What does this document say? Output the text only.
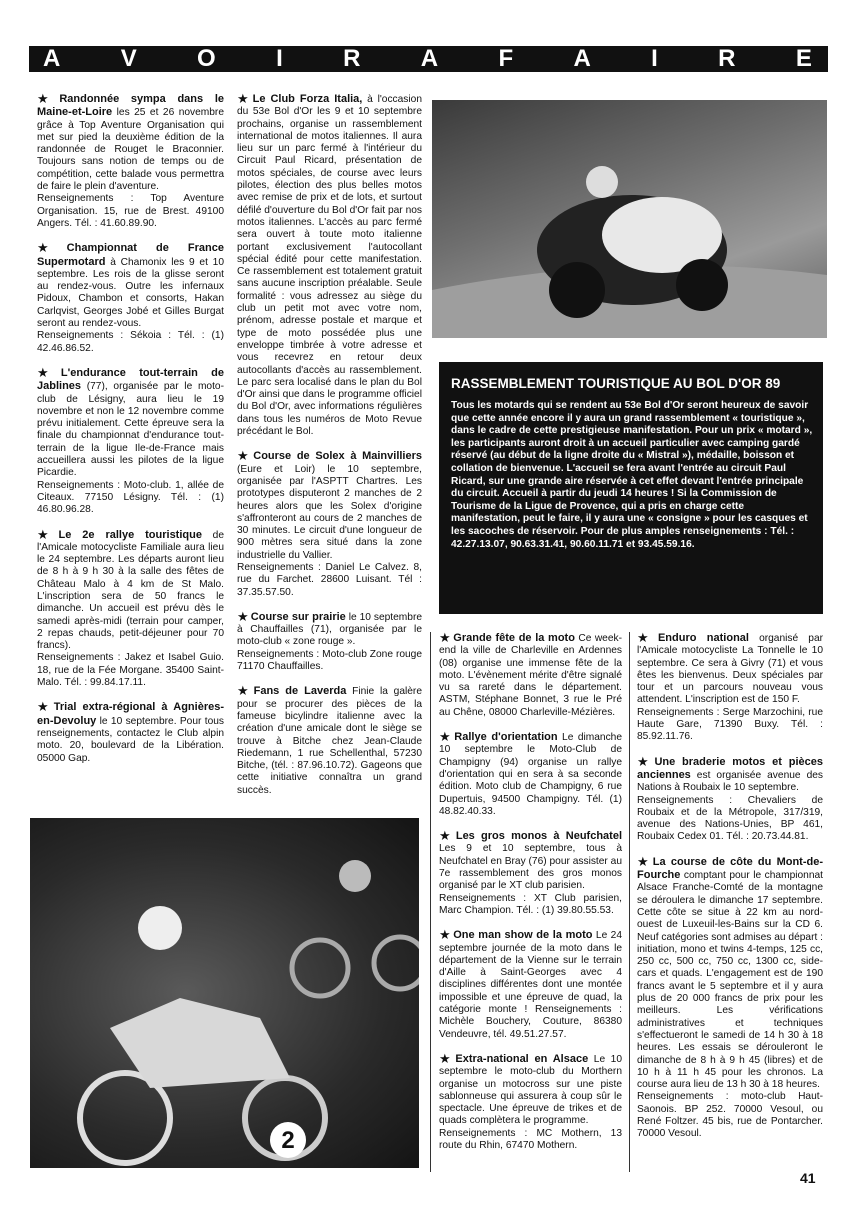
A V O I R A F A I R E
★ Randonnée sympa dans le Maine-et-Loire les 25 et 26 novembre grâce à Top Aventure Organisation qui met sur pied la deuxième édition de la randonnée de Rouget le Braconnier. Toujours sans notion de temps ou de compétition, cette balade vous permettra de faire le plein d'aventure.
Renseignements : Top Aventure Organisation. 15, rue de Brest. 49100 Angers. Tél. : 41.60.89.90.
★ Championnat de France Supermotard à Chamonix les 9 et 10 septembre. Les rois de la glisse seront au rendez-vous. Outre les infernaux Pidoux, Chambon et consorts, Hakan Carlqvist, Georges Jobé et Gilles Burgat seront au rendez-vous.
Renseignements : Sékoia : Tél. : (1) 42.46.86.52.
★ L'endurance tout-terrain de Jablines (77), organisée par le moto-club de Lésigny, aura lieu le 19 novembre et non le 12 novembre comme prévu initialement. Cette épreuve sera la finale du championnat d'endurance tout-terrain de la ligue Ile-de-France mais accueillera aussi les pilotes de la ligue Picardie.
Renseignements : Moto-club. 1, allée de Citeaux. 77150 Lésigny. Tél. : (1) 46.80.96.28.
★ Le 2e rallye touristique de l'Amicale motocycliste Familiale aura lieu le 24 septembre. Les départs auront lieu de 8 h à 9 h 30 à la salle des fêtes de Château Malo à 4 km de St Malo. L'inscription sera de 50 francs le dimanche. Un accueil est prévu dès le samedi après-midi (terrain pour camper, 2 repas chauds, petit-déjeuner pour 70 francs).
Renseignements : Jakez et Isabel Guio. 18, rue de la Fée Morgane. 35400 Saint-Malo. Tél. : 99.84.17.11.
★ Trial extra-régional à Agnières-en-Devoluy le 10 septembre. Pour tous renseignements, contactez le Club alpin moto. 20, boulevard de la Libération. 05000 Gap.
★ Le Club Forza Italia, à l'occasion du 53e Bol d'Or les 9 et 10 septembre prochains, organise un rassemblement international de motos italiennes. Il aura lieu sur un parc fermé à l'intérieur du Circuit Paul Ricard, présentation de motos spéciales, de course avec leurs pilotes, élection des plus belles motos avec remise de prix et de lots, et surtout défilé d'ouverture du Bol d'Or fait par nos motos italiennes. L'accès au parc fermé sera ouvert à toute moto italienne portant exclusivement l'autocollant spécial édité pour cette manifestation. Ce rassemblement est totalement gratuit sans aucune inscription préalable. Seule formalité : vous adressez au siège du club un petit mot avec votre nom, prénom, adresse postale et marque et type de moto possédée plus une enveloppe timbrée à votre adresse et vous recevrez en retour deux autocollants d'accès au rassemblement. Le parc sera localisé dans le plan du Bol d'Or ainsi que dans le programme officiel du Bol d'Or, avec informations régulières dans tous les numéros de Moto Revue précédant le Bol.
★ Course de Solex à Mainvilliers (Eure et Loir) le 10 septembre, organisée par l'ASPTT Chartres. Les prototypes disputeront 2 manches de 2 heures alors que les Solex d'origine s'affronteront au cours de 2 manches de 30 minutes. Le circuit d'une longueur de 900 mètres sera situé dans la zone industrielle du Vallier.
Renseignements : Daniel Le Calvez. 8, rue du Farchet. 28600 Luisant. Tél : 37.35.57.50.
★ Course sur prairie le 10 septembre à Chauffailles (71), organisée par le moto-club « zone rouge ».
Renseignements : Moto-club Zone rouge 71170 Chauffailles.
★ Fans de Laverda Finie la galère pour se procurer des pièces de la fameuse bicylindre italienne avec la création d'une amicale dont le siège se trouve à Bitche chez Jean-Claude Riedemann, 1 rue Schellenthal, 57230 Bitche, (tél. : 87.96.10.72). Gageons que cette initiative connaîtra un grand succès.
RASSEMBLEMENT TOURISTIQUE AU BOL D'OR 89
Tous les motards qui se rendent au 53e Bol d'Or seront heureux de savoir que cette année encore il y aura un grand rassemblement « touristique », dans le cadre de cette prestigieuse manifestation. Pour un prix « motard », les participants auront droit à un accueil particulier avec camping gardé réservé (au début de la ligne droite du « Mistral »), médaille, boisson et collation de bienvenue. L'accueil se fera avant l'entrée au circuit Paul Ricard, sur une grande aire réservée à cet effet devant l'entrée principale du circuit. Accueil à partir du jeudi 14 heures ! Si la Commission de Tourisme de la Ligue de Provence, qui a pris en charge cette manifestation, peut le faire, il y aura une « consigne » pour les casques et les sacoches de réservoir. Pour de plus amples renseignements : Tél. : 42.27.13.07, 90.63.31.41, 90.60.11.71 et 93.45.59.16.
★ Grande fête de la moto Ce week-end la ville de Charleville en Ardennes (08) organise une immense fête de la moto. L'évènement mérite d'être signalé vu sa rareté dans le département. ASTM, Stéphane Bonnet, 3 rue le Pré au Chêne, 08000 Charleville-Mézières.
★ Rallye d'orientation Le dimanche 10 septembre le Moto-Club de Champigny (94) organise un rallye d'orientation qui en sera à sa seconde édition. Moto club de Champigny, 6 rue Dupertuis, 94500 Champigny. Tél. (1) 48.82.40.33.
★ Les gros monos à Neufchatel Les 9 et 10 septembre, tous à Neufchatel en Bray (76) pour assister au 7e rassemblement des gros monos organisé par le XT club parisien.
Renseignements : XT Club parisien, Marc Champion. Tél. : (1) 39.80.55.53.
★ One man show de la moto Le 24 septembre journée de la moto dans le département de la Vienne sur le terrain d'Aille à Saint-Georges avec 4 disciplines différentes dont une montée impossible et une épreuve de quad, la catégorie monte ! Renseignements : Michèle Bouchery, Couture, 86380 Vendeuvre, tél. 49.51.27.57.
★ Extra-national en Alsace Le 10 septembre le moto-club du Morthern organise un motocross sur une piste sablonneuse qui assurera à coup sûr le spectacle. Une épreuve de trikes et de quads complètera le programme.
Renseignements : MC Mothern, 13 route du Rhin, 67470 Mothern.
★ Enduro national organisé par l'Amicale motocycliste La Tonnelle le 10 septembre. Ce sera à Givry (71) et vous êtes les bienvenus. Deux spéciales par tour et un parcours nouveau vous attendent. L'inscription est de 150 F.
Renseignements : Serge Marzochini, rue Haute Gare, 71390 Buxy. Tél. : 85.92.11.76.
★ Une braderie motos et pièces anciennes est organisée avenue des Nations à Roubaix le 10 septembre.
Renseignements : Chevaliers de Roubaix et de la Métropole, 317/319, avenue des Nations-Unies, BP 461, Roubaix Cedex 01. Tél. : 20.73.44.81.
★ La course de côte du Mont-de-Fourche comptant pour le championnat Alsace Franche-Comté de la montagne se déroulera le dimanche 17 septembre. Cette côte se situe à 22 km au nord-ouest de Luxeuil-les-Bains sur la CD 6. Neuf catégories sont admises au départ : initiation, mono et twins 4-temps, 125 cc, 250 cc, 500 cc, 750 cc, 1300 cc, side-cars et quads. L'engagement est de 190 francs avant le 5 septembre et il y aura plus de 20 000 francs de prix pour les meilleurs. Les vérifications administratives et techniques s'effectueront le samedi de 14 h 30 à 18 heures. Les essais se dérouleront le dimanche de 8 h à 9 h 45 (libres) et de 10 h à 11 h 45 pour les chronos. La course aura lieu de 13 h 30 à 18 heures.
Renseignements : moto-club Haut-Saonois. BP 252. 70000 Vesoul, ou René Foltzer. 45 bis, rue de Pontarcher. 70000 Vesoul.
2
41
